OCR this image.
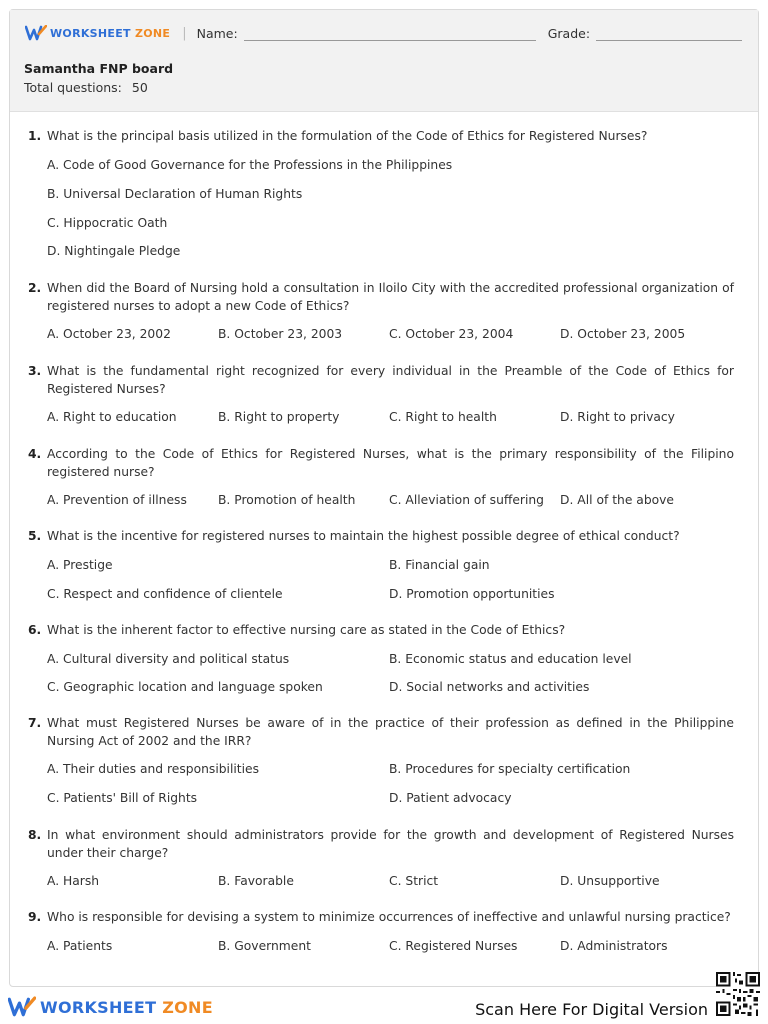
WORKSHEET ZONE | Name:	Grade:
Samantha FNP board
Total questions: 50
1. What is the principal basis utilized in the formulation of the Code of Ethics for Registered Nurses?
A. Code of Good Governance for the Professions in the Philippines
B. Universal Declaration of Human Rights
C. Hippocratic Oath
D. Nightingale Pledge
2. When did the Board of Nursing hold a consultation in Iloilo City with the accredited professional organization of registered nurses to adopt a new Code of Ethics?
A. October 23, 2002	B. October 23, 2003	C. October 23, 2004	D. October 23, 2005
3. What is the fundamental right recognized for every individual in the Preamble of the Code of Ethics for Registered Nurses?
A. Right to education	B. Right to property	C. Right to health	D. Right to privacy
4. According to the Code of Ethics for Registered Nurses, what is the primary responsibility of the Filipino registered nurse?
A. Prevention of illness	B. Promotion of health	C. Alleviation of suffering D. All of the above
5. What is the incentive for registered nurses to maintain the highest possible degree of ethical conduct?
A. Prestige	B. Financial gain
C. Respect and confidence of clientele	D. Promotion opportunities
6. What is the inherent factor to effective nursing care as stated in the Code of Ethics?
A. Cultural diversity and political status	B. Economic status and education level
C. Geographic location and language spoken	D. Social networks and activities
7. What must Registered Nurses be aware of in the practice of their profession as defined in the Philippine Nursing Act of 2002 and the IRR?
A. Their duties and responsibilities	B. Procedures for specialty certification
C. Patients' Bill of Rights	D. Patient advocacy
8. In what environment should administrators provide for the growth and development of Registered Nurses under their charge?
A. Harsh	B. Favorable	C. Strict	D. Unsupportive
9. Who is responsible for devising a system to minimize occurrences of ineffective and unlawful nursing practice?
A. Patients	B. Government	C. Registered Nurses	D. Administrators
WORKSHEET ZONE	Scan Here For Digital Version
